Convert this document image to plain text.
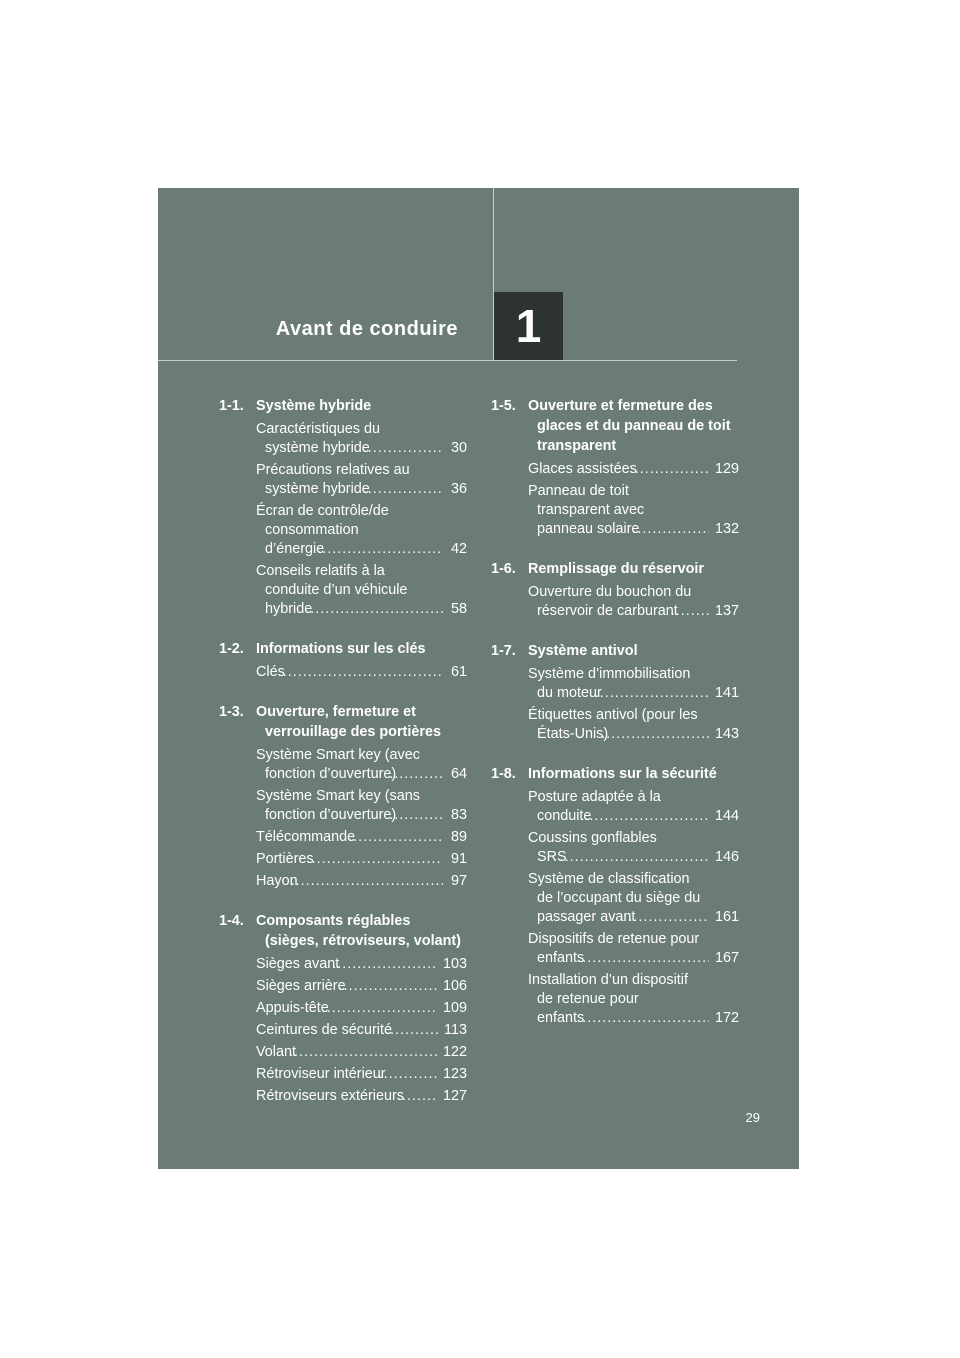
Avant de conduire 1
1-1. Système hybride
Caractéristiques du
système hybride .....	30
Précautions relatives au
système hybride .....	36
Écran de contrôle/de
consommation
d’énergie .....	42
Conseils relatifs à la
conduite d’un véhicule
hybride .....	58
1-2. Informations sur les clés
Clés .....	61
1-3. Ouverture, fermeture et verrouillage des portières
Système Smart key (avec
fonction d’ouverture) .....	64
Système Smart key (sans
fonction d’ouverture) .....	83
Télécommande .....	89
Portières .....	91
Hayon .....	97
1-4. Composants réglables (sièges, rétroviseurs, volant)
Sièges avant .....	103
Sièges arrière .....	106
Appuis-tête .....	109
Ceintures de sécurité .....	113
Volant .....	122
Rétroviseur intérieur .....	123
Rétroviseurs extérieurs .....	127
1-5. Ouverture et fermeture des glaces et du panneau de toit transparent
Glaces assistées .....	129
Panneau de toit
transparent avec
panneau solaire .....	132
1-6. Remplissage du réservoir
Ouverture du bouchon du
réservoir de carburant .....	137
1-7. Système antivol
Système d’immobilisation
du moteur .....	141
Étiquettes antivol (pour les
États-Unis) .....	143
1-8. Informations sur la sécurité
Posture adaptée à la
conduite .....	144
Coussins gonflables
SRS .....	146
Système de classification
de l’occupant du siège du
passager avant .....	161
Dispositifs de retenue pour
enfants .....	167
Installation d’un dispositif
de retenue pour
enfants .....	172
29
